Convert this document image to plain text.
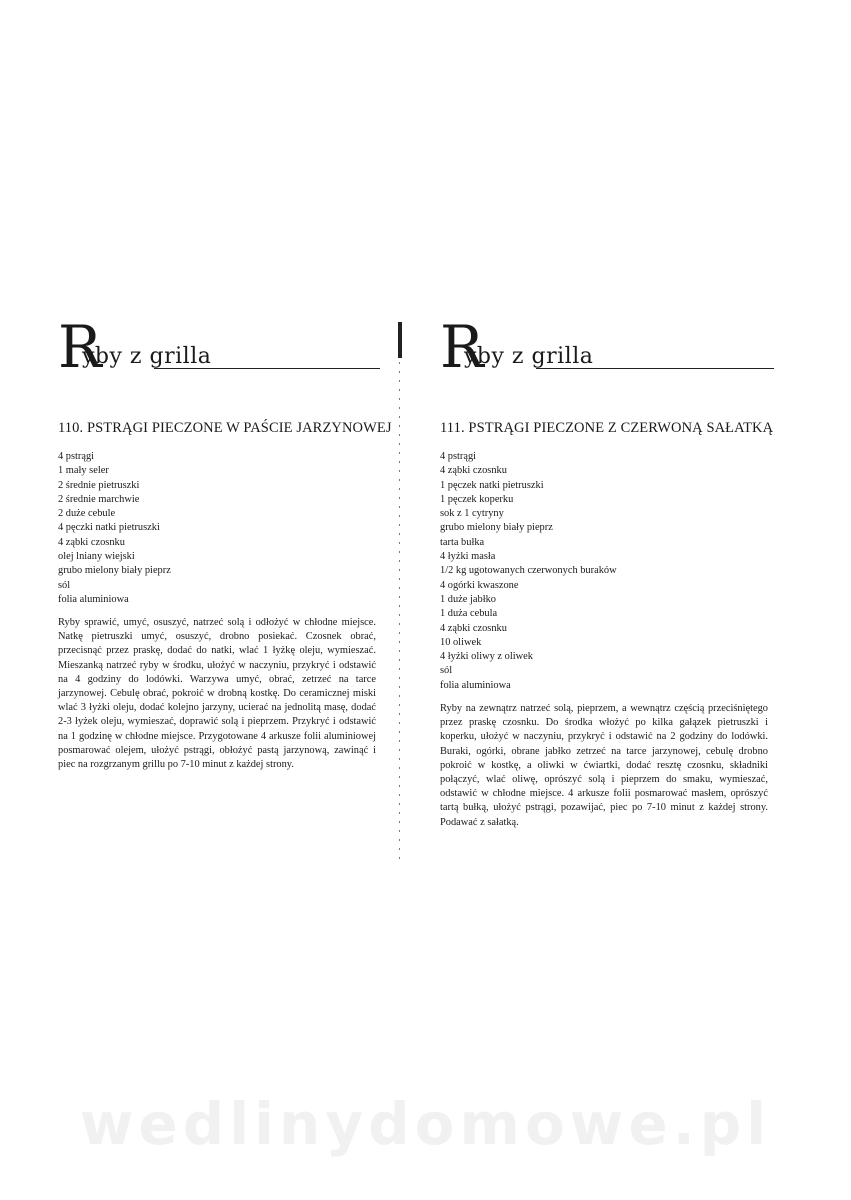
R
yby z grilla
110. PSTRĄGI PIECZONE W PAŚCIE JARZYNOWEJ
4 pstrągi
1 mały seler
2 średnie pietruszki
2 średnie marchwie
2 duże cebule
4 pęczki natki pietruszki
4 ząbki czosnku
olej lniany wiejski
grubo mielony biały pieprz
sól
folia aluminiowa

Ryby sprawić, umyć, osuszyć, natrzeć solą i odłożyć w chłodne miejsce. Natkę pietruszki umyć, osuszyć, drobno posiekać. Czosnek obrać, przecisnąć przez praskę, dodać do natki, wlać 1 łyżkę oleju, wymieszać. Mieszanką natrzeć ryby w środku, ułożyć w naczyniu, przykryć i odstawić na 4 godziny do lodówki. Warzywa umyć, obrać, zetrzeć na tarce jarzynowej. Cebulę obrać, pokroić w drobną kostkę. Do ceramicznej miski wlać 3 łyżki oleju, dodać kolejno jarzyny, ucierać na jednolitą masę, dodać 2-3 łyżek oleju, wymieszać, doprawić solą i pieprzem. Przykryć i odstawić na 1 godzinę w chłodne miejsce. Przygotowane 4 arkusze folii aluminiowej posmarować olejem, ułożyć pstrągi, obłożyć pastą jarzynową, zawinąć i piec na rozgrzanym grillu po 7-10 minut z każdej strony.

R
yby z grilla
111. PSTRĄGI PIECZONE Z CZERWONĄ SAŁATKĄ
4 pstrągi
4 ząbki czosnku
1 pęczek natki pietruszki
1 pęczek koperku
sok z 1 cytryny
grubo mielony biały pieprz
tarta bułka
4 łyżki masła
1/2 kg ugotowanych czerwonych buraków
4 ogórki kwaszone
1 duże jabłko
1 duża cebula
4 ząbki czosnku
10 oliwek
4 łyżki oliwy z oliwek
sól
folia aluminiowa

Ryby na zewnątrz natrzeć solą, pieprzem, a wewnątrz częścią przeciśniętego przez praskę czosnku. Do środka włożyć po kilka gałązek pietruszki i koperku, ułożyć w naczyniu, przykryć i odstawić na 2 godziny do lodówki. Buraki, ogórki, obrane jabłko zetrzeć na tarce jarzynowej, cebulę drobno pokroić w kostkę, a oliwki w ćwiartki, dodać resztę czosnku, składniki połączyć, wlać oliwę, oprószyć solą i pieprzem do smaku, wymieszać, odstawić w chłodne miejsce. 4 arkusze folii posmarować masłem, oprószyć tartą bułką, ułożyć pstrągi, pozawijać, piec po 7-10 minut z każdej strony. Podawać z sałatką.

wedlinydomowe.pl
